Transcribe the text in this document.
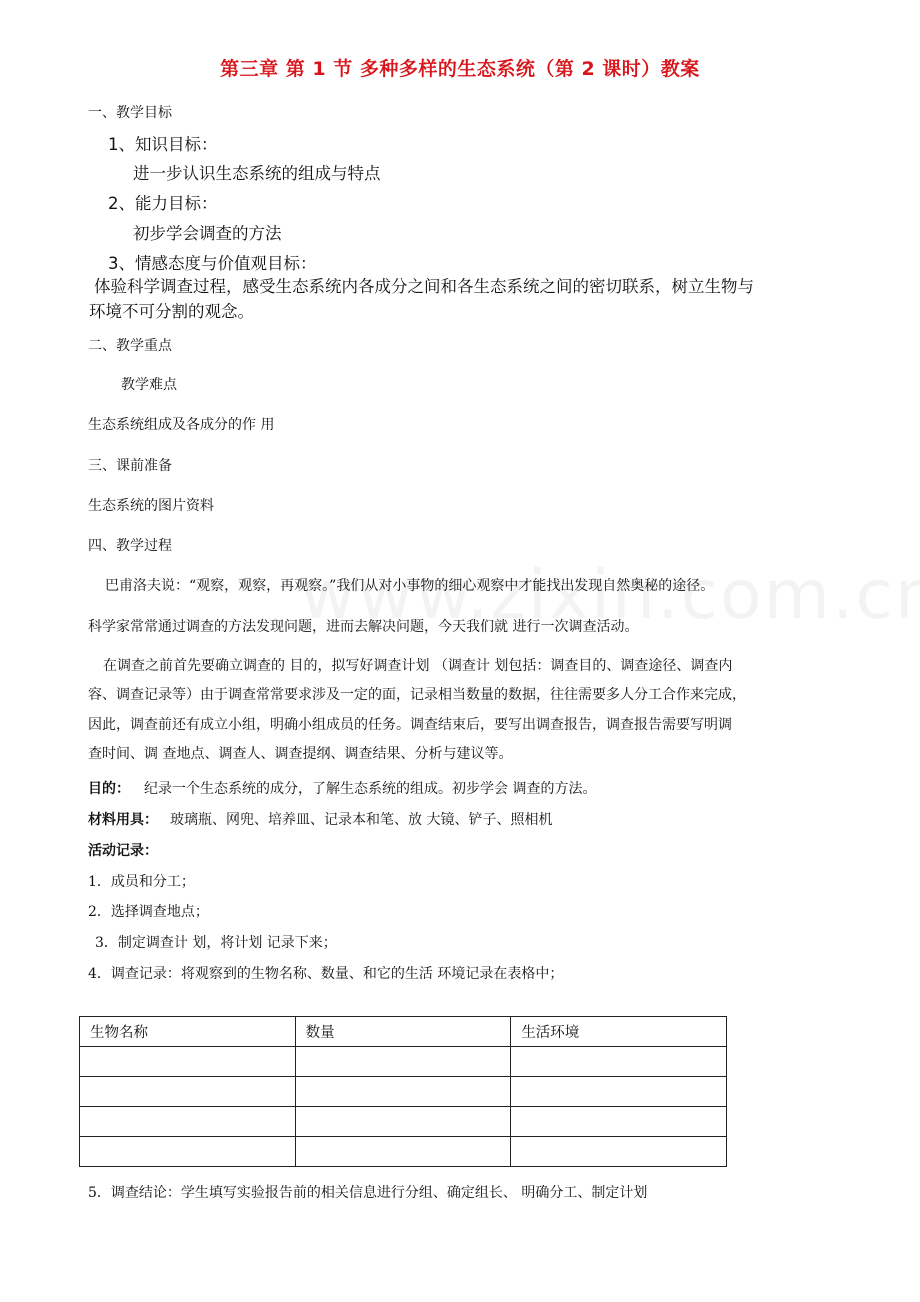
第三章 第 1 节 多种多样的生态系统（第 2 课时）教案
一、教学目标
1、知识目标：
进一步认识生态系统的组成与特点
2、能力目标：
初步学会调查的方法
3、情感态度与价值观目标：
体验科学调查过程，感受生态系统内各成分之间和各生态系统之间的密切联系，树立生物与
环境不可分割的观念。
二、教学重点
教学难点
生态系统组成及各成分的作 用
三、课前准备
生态系统的图片资料
四、教学过程
巴甫洛夫说：“观察，观察，再观察。”我们从对小事物的细心观察中才能找出发现自然奥秘的途径。
科学家常常通过调查的方法发现问题，进而去解决问题，今天我们就 进行一次调查活动。
在调查之前首先要确立调查的 目的，拟写好调查计划 （调查计 划包括：调查目的、调查途径、调查内
容、调查记录等）由于调查常常要求涉及一定的面，记录相当数量的数据，往往需要多人分工合作来完成，
因此，调查前还有成立小组，明确小组成员的任务。调查结束后，要写出调查报告，调查报告需要写明调
查时间、调 查地点、调查人、调查提纲、调查结果、分析与建议等。
目的： 纪录一个生态系统的成分，了解生态系统的组成。初步学会 调查的方法。
材料用具： 玻璃瓶、网兜、培养皿、记录本和笔、放 大镜、铲子、照相机
活动记录：
1．成员和分工；
2．选择调查地点；
3．制定调查计 划，将计划 记录下来；
4．调查记录：将观察到的生物名称、数量、和它的生活 环境记录在表格中；
生物名称	数量	生活环境

5．调查结论：学生填写实验报告前的相关信息进行分组、确定组长、 明确分工、制定计划
